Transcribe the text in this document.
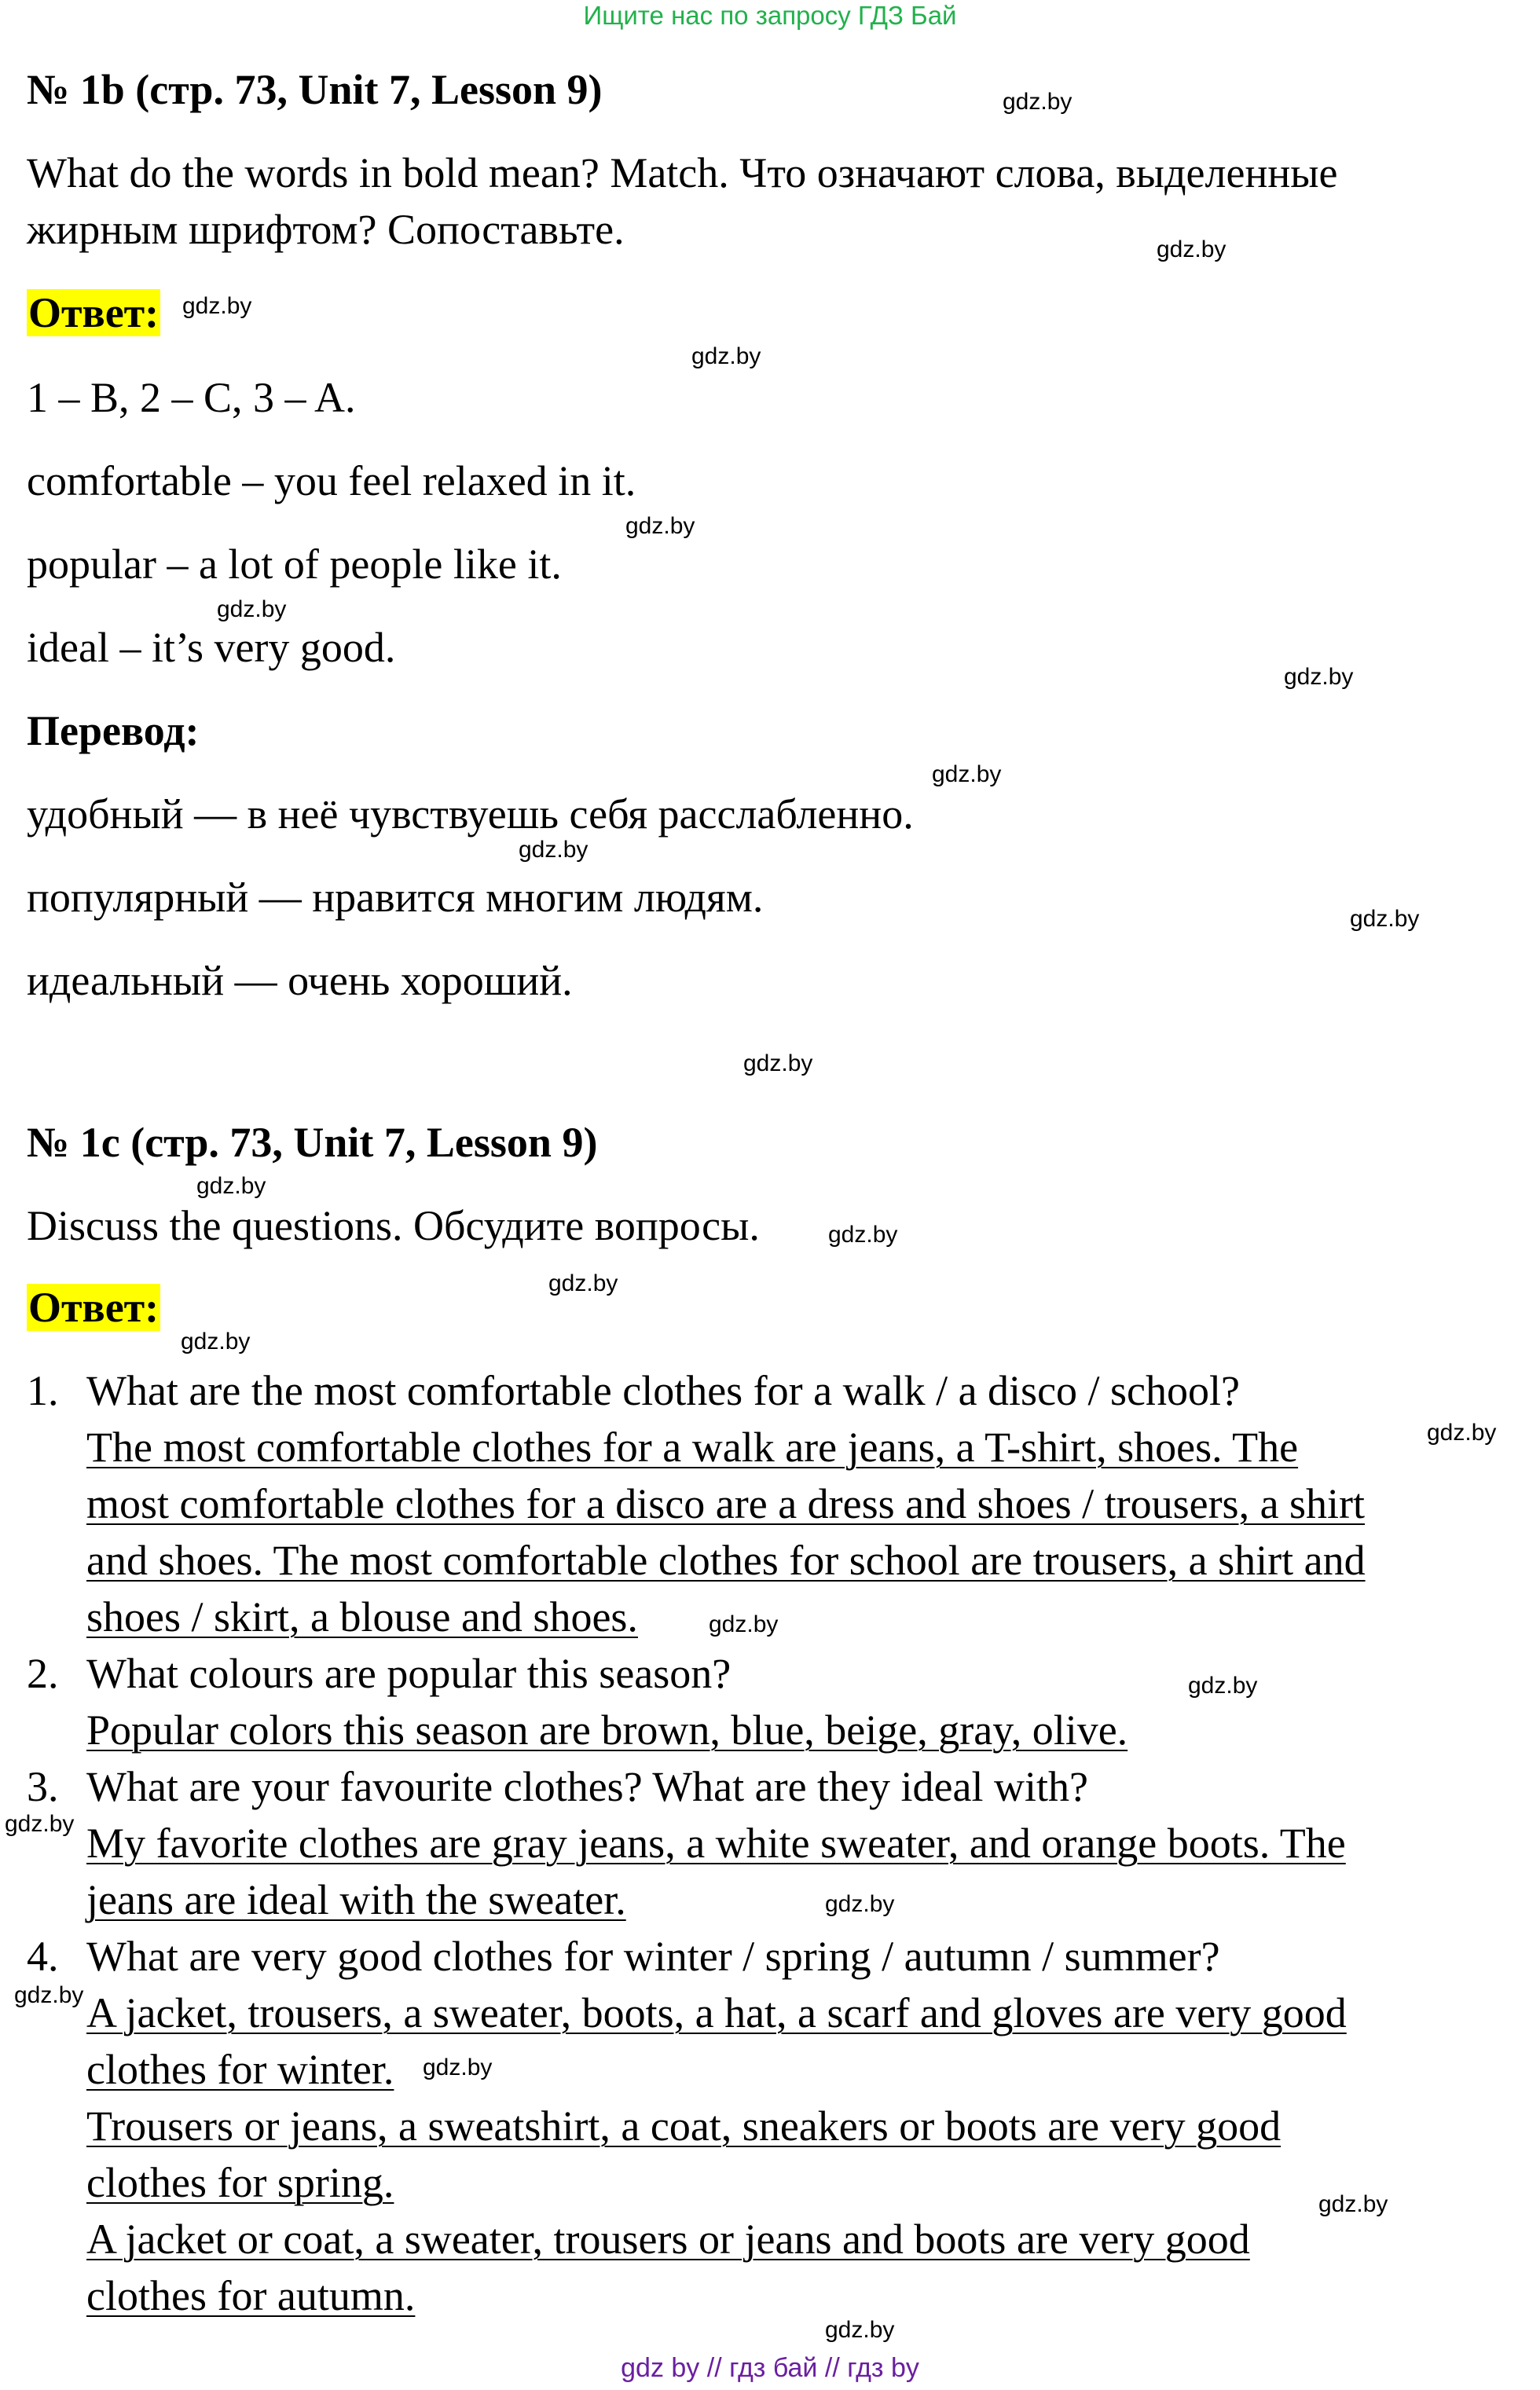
Ищите нас по запросу ГДЗ Бай
№ 1b (стр. 73, Unit 7, Lesson 9)
What do the words in bold mean? Match. Что означают слова, выделенные
жирным шрифтом? Сопоставьте.
Ответ:
1 – B, 2 – C, 3 – A.
comfortable – you feel relaxed in it.
popular – a lot of people like it.
ideal – it’s very good.
Перевод:
удобный — в неё чувствуешь себя расслабленно.
популярный — нравится многим людям.
идеальный — очень хороший.
№ 1c (стр. 73, Unit 7, Lesson 9)
Discuss the questions. Обсудите вопросы.
Ответ:
1. What are the most comfortable clothes for a walk / a disco / school?
The most comfortable clothes for a walk are jeans, a T-shirt, shoes. The
most comfortable clothes for a disco are a dress and shoes / trousers, a shirt
and shoes. The most comfortable clothes for school are trousers, a shirt and
shoes / skirt, a blouse and shoes.
2. What colours are popular this season?
Popular colors this season are brown, blue, beige, gray, olive.
3. What are your favourite clothes? What are they ideal with?
My favorite clothes are gray jeans, a white sweater, and orange boots. The
jeans are ideal with the sweater.
4. What are very good clothes for winter / spring / autumn / summer?
A jacket, trousers, a sweater, boots, a hat, a scarf and gloves are very good
clothes for winter.
Trousers or jeans, a sweatshirt, a coat, sneakers or boots are very good
clothes for spring.
A jacket or coat, a sweater, trousers or jeans and boots are very good
clothes for autumn.
gdz.by
gdz.by
gdz.by
gdz.by
gdz.by
gdz.by
gdz.by
gdz.by
gdz.by
gdz.by
gdz.by
gdz.by
gdz.by
gdz.by
gdz.by
gdz.by
gdz.by
gdz.by
gdz.by
gdz.by
gdz.by
gdz.by
gdz.by
gdz.by
gdz by // гдз бай // гдз by
